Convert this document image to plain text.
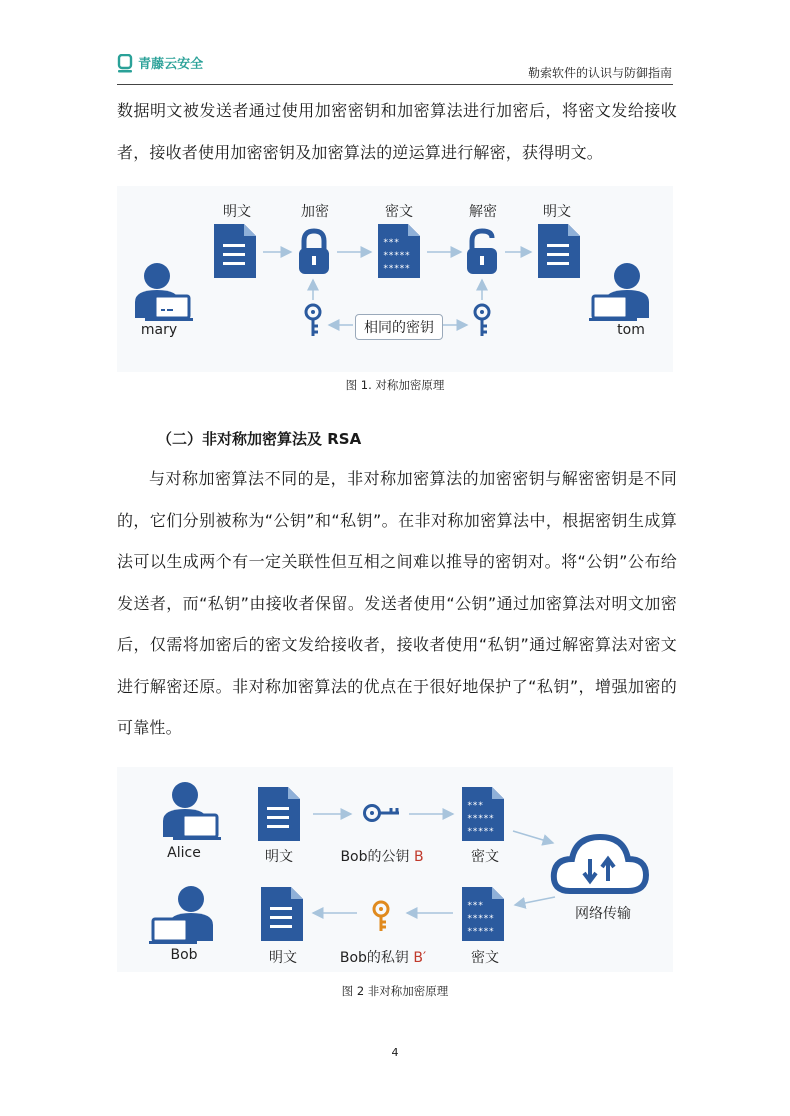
青藤云安全
勒索软件的认识与防御指南
数据明文被发送者通过使用加密密钥和加密算法进行加密后，将密文发给接收者，接收者使用加密密钥及加密算法的逆运算进行解密，获得明文。
***
*****
*****
明文	加密	密文	解密	明文
mary	tom
相同的密钥
图 1. 对称加密原理
（二）非对称加密算法及 RSA
与对称加密算法不同的是，非对称加密算法的加密密钥与解密密钥是不同的，它们分别被称为“公钥”和“私钥”。在非对称加密算法中，根据密钥生成算法可以生成两个有一定关联性但互相之间难以推导的密钥对。将“公钥”公布给发送者，而“私钥”由接收者保留。发送者使用“公钥”通过加密算法对明文加密后，仅需将加密后的密文发给接收者，接收者使用“私钥”通过解密算法对密文进行解密还原。非对称加密算法的优点在于很好地保护了“私钥”，增强加密的可靠性。
Alice	明文	Bob的公钥 B	密文
网络传输
Bob	明文	Bob的私钥 B′	密文
图 2 非对称加密原理
4
